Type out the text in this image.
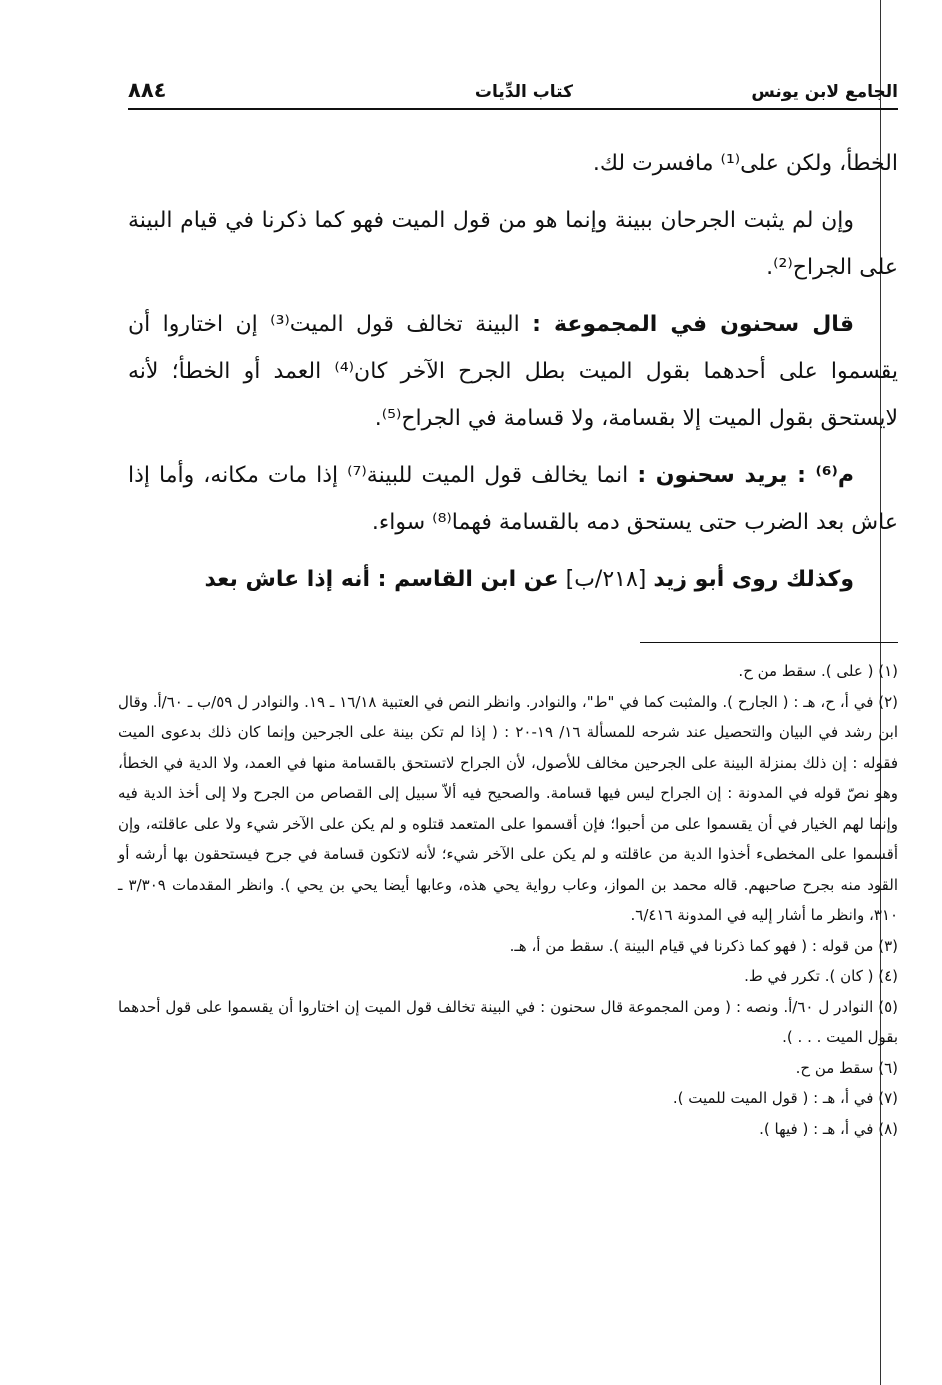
الجامع لابن يونس
كتاب الدِّيات
٨٨٤

الخطأ، ولكن على⁽¹⁾ مافسرت لك.

وإن لم يثبت الجرحان ببينة وإنما هو من قول الميت فهو كما ذكرنا في قيام البينة على الجراح⁽²⁾.

قال سحنون في المجموعة : البينة تخالف قول الميت⁽³⁾ إن اختاروا أن يقسموا على أحدهما بقول الميت بطل الجرح الآخر كان⁽⁴⁾ العمد أو الخطأ؛ لأنه لايستحق بقول الميت إلا بقسامة، ولا قسامة في الجراح⁽⁵⁾.

م⁽⁶⁾ : يريد سحنون : انما يخالف قول الميت للبينة⁽⁷⁾ إذا مات مكانه، وأما إذا عاش بعد الضرب حتى يستحق دمه بالقسامة فهما⁽⁸⁾ سواء.

وكذلك روى أبو زيد [٢١٨/ب] عن ابن القاسم : أنه إذا عاش بعد

(١) ( على ). سقط من ح.

(٢) في أ، ح، هـ : ( الجارح ). والمثبت كما في "ط"، والنوادر. وانظر النص في العتبية ١٦/١٨ ـ ١٩. والنوادر ل ٥٩/ب ـ ٦٠/أ. وقال ابن رشد في البيان والتحصيل عند شرحه للمسألة ١٦/ ١٩-٢٠ : ( إذا لم تكن بينة على الجرحين وإنما كان ذلك بدعوى الميت فقوله : إن ذلك بمنزلة البينة على الجرحين مخالف للأصول، لأن الجراح لاتستحق بالقسامة منها في العمد، ولا الدية في الخطأ، وهو نصّ قوله في المدونة : إن الجراح ليس فيها قسامة. والصحيح فيه ألاّ سبيل إلى القصاص من الجرح ولا إلى أخذ الدية فيه وإنما لهم الخيار في أن يقسموا على من أحبوا؛ فإن أقسموا على المتعمد قتلوه و لم يكن على الآخر شيء ولا على عاقلته، وإن أقسموا على المخطىء أخذوا الدية من عاقلته و لم يكن على الآخر شيء؛ لأنه لاتكون قسامة في جرح فيستحقون بها أرشه أو القود منه بجرح صاحبهم. قاله محمد بن المواز، وعاب رواية يحي هذه، وعابها أيضا يحي بن يحي ). وانظر المقدمات ٣/٣٠٩ ـ ٣١٠، وانظر ما أشار إليه في المدونة ٦/٤١٦.

(٣) من قوله : ( فهو كما ذكرنا في قيام البينة ). سقط من أ، هـ.

(٤) ( كان ). تكرر في ط.

(٥) النوادر ل ٦٠/أ. ونصه : ( ومن المجموعة قال سحنون : في البينة تخالف قول الميت إن اختاروا أن يقسموا على قول أحدهما بقول الميت . . . ).

(٦) سقط من ح.

(٧) في أ، هـ : ( قول الميت للميت ).

(٨) في أ، هـ : ( فيها ).
